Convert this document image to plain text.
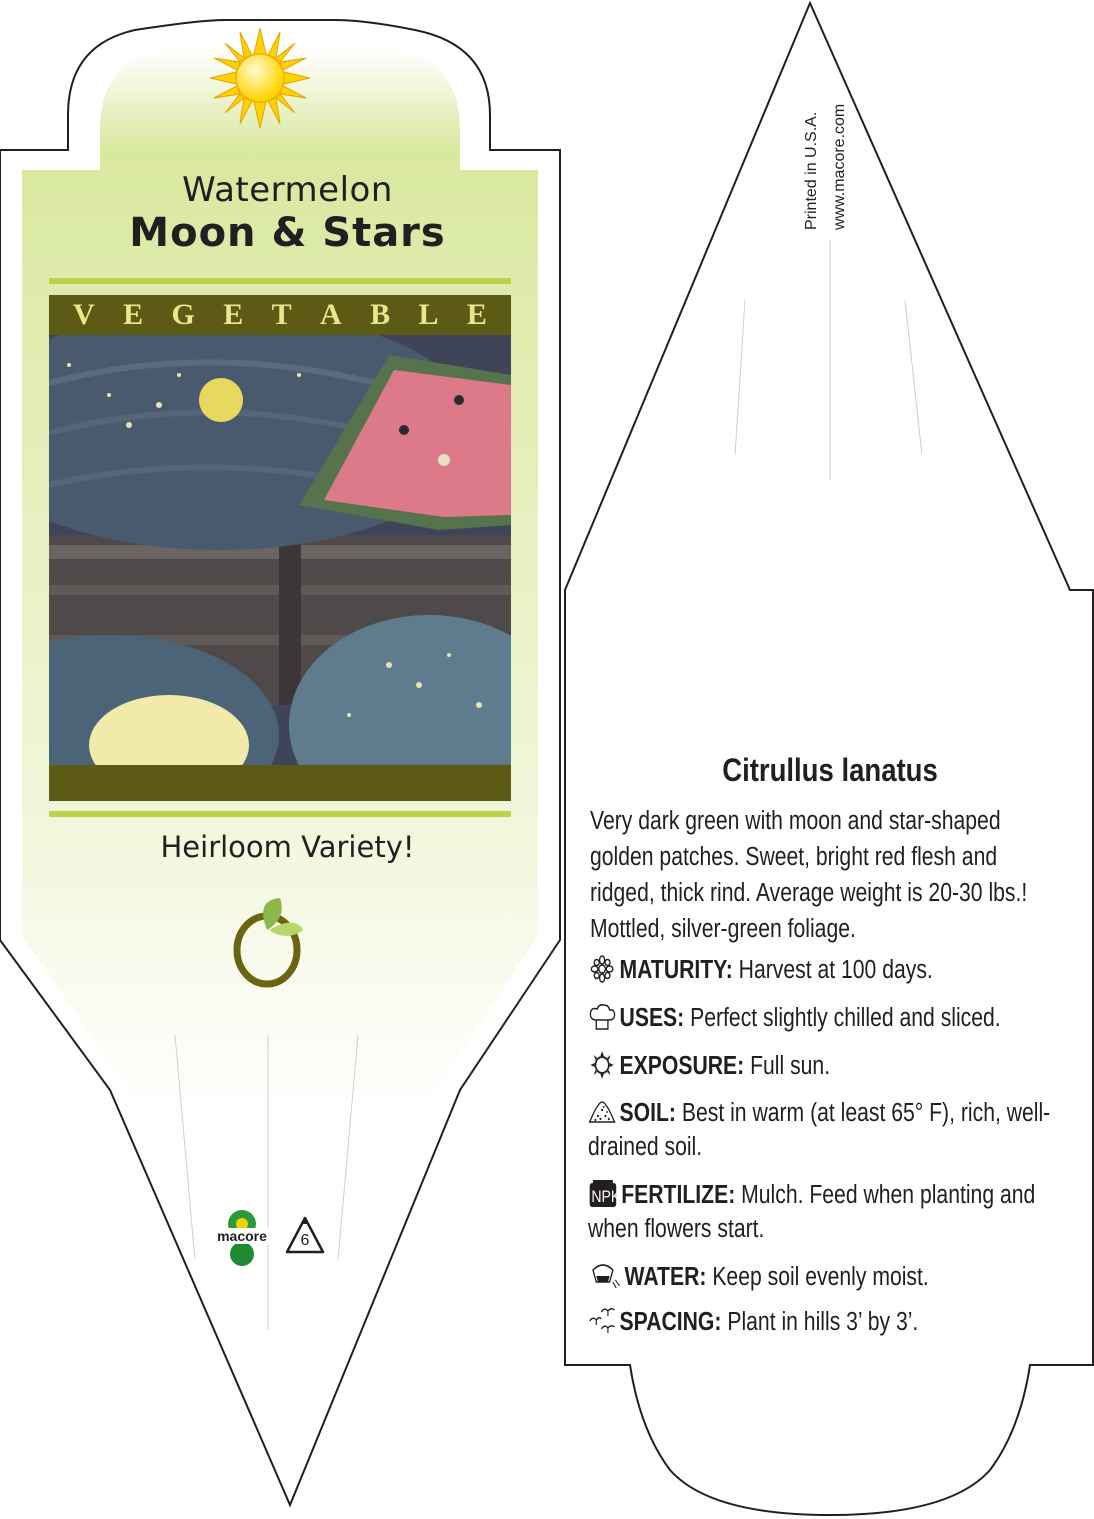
Watermelon
Moon & Stars
V E G E T A B L E
Heirloom Variety!
macore	6
Printed in U.S.A. www.macore.com
Citrullus lanatus
Very dark green with moon and star-shaped golden patches. Sweet, bright red flesh and ridged, thick rind. Average weight is 20-30 lbs.! Mottled, silver-green foliage.
MATURITY: Harvest at 100 days.
USES: Perfect slightly chilled and sliced.
EXPOSURE: Full sun.
SOIL: Best in warm (at least 65° F), rich, well-drained soil.
NPK FERTILIZE: Mulch. Feed when planting and when flowers start.
WATER: Keep soil evenly moist.
SPACING: Plant in hills 3’ by 3’.
